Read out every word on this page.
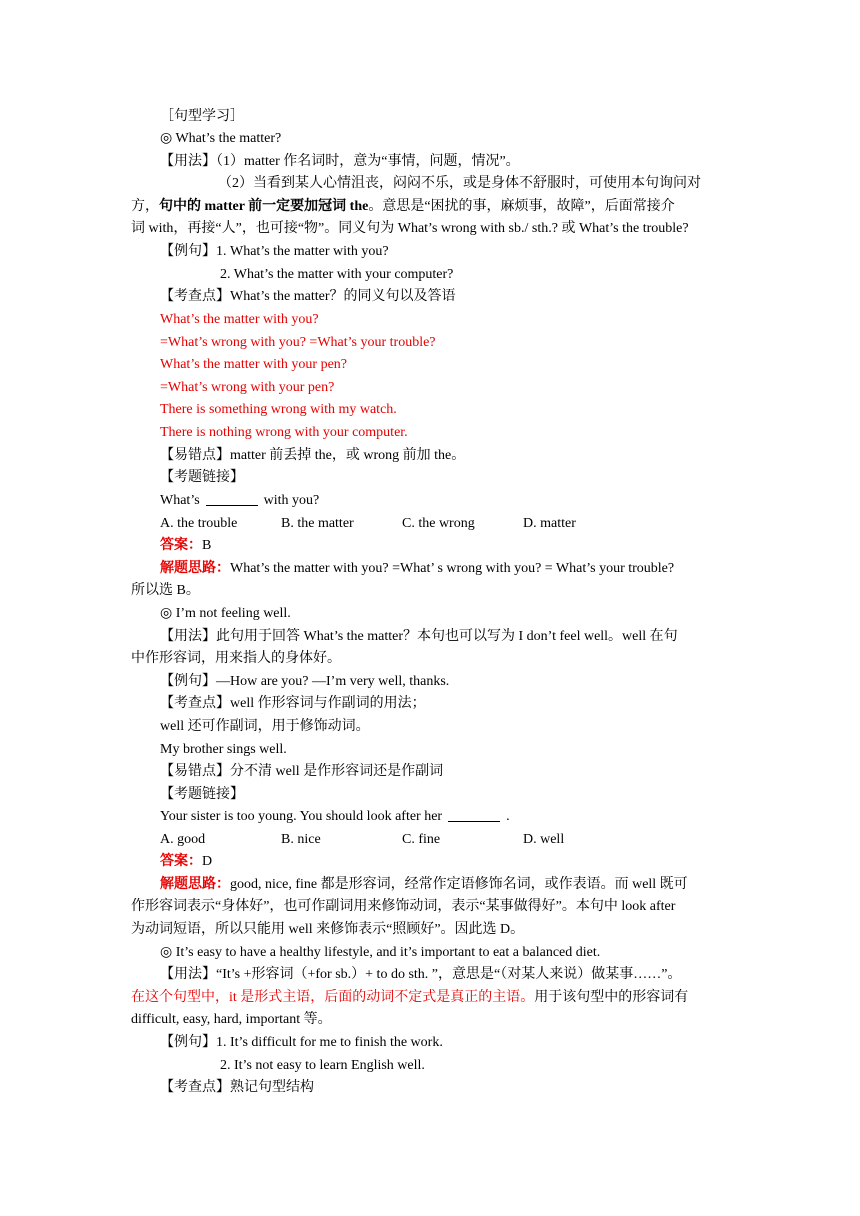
［句型学习］
◎ What’s the matter?
【用法】（1）matter 作名词时，意为“事情，问题，情况”。
（2）当看到某人心情沮丧，闷闷不乐，或是身体不舒服时，可使用本句询问对
方，句中的 matter 前一定要加冠词 the。意思是“困扰的事，麻烦事，故障”，后面常接介
词 with，再接“人”，也可接“物”。同义句为 What’s wrong with sb./ sth.? 或 What’s the trouble?
【例句】1. What’s the matter with you?
2. What’s the matter with your computer?
【考查点】What’s the matter？的同义句以及答语
What’s the matter with you?
=What’s wrong with you? =What’s your trouble?
What’s the matter with your pen?
=What’s wrong with your pen?
There is something wrong with my watch.
There is nothing wrong with your computer.
【易错点】matter 前丢掉 the，或 wrong 前加 the。
【考题链接】
What’s	with you?
A. the trouble	B. the matter	C. the wrong	D. matter
答案：B
解题思路：What’s the matter with you? =What’ s wrong with you? = What’s your trouble?
所以选 B。
◎ I’m not feeling well.
【用法】此句用于回答 What’s the matter？本句也可以写为 I don’t feel well。well 在句
中作形容词，用来指人的身体好。
【例句】—How are you? —I’m very well, thanks.
【考查点】well 作形容词与作副词的用法；
well 还可作副词，用于修饰动词。
My brother sings well.
【易错点】分不清 well 是作形容词还是作副词
【考题链接】
Your sister is too young. You should look after her	.
A. good	B. nice	C. fine	D. well
答案：D
解题思路：good, nice, fine 都是形容词，经常作定语修饰名词，或作表语。而 well 既可
作形容词表示“身体好”，也可作副词用来修饰动词，表示“某事做得好”。本句中 look after
为动词短语，所以只能用 well 来修饰表示“照顾好”。因此选 D。
◎ It’s easy to have a healthy lifestyle, and it’s important to eat a balanced diet.
【用法】“It’s +形容词（+for sb.）+ to do sth. ”，意思是“（对某人来说）做某事……”。
在这个句型中，it 是形式主语，后面的动词不定式是真正的主语。用于该句型中的形容词有
difficult, easy, hard, important 等。
【例句】1. It’s difficult for me to finish the work.
2. It’s not easy to learn English well.
【考查点】熟记句型结构
